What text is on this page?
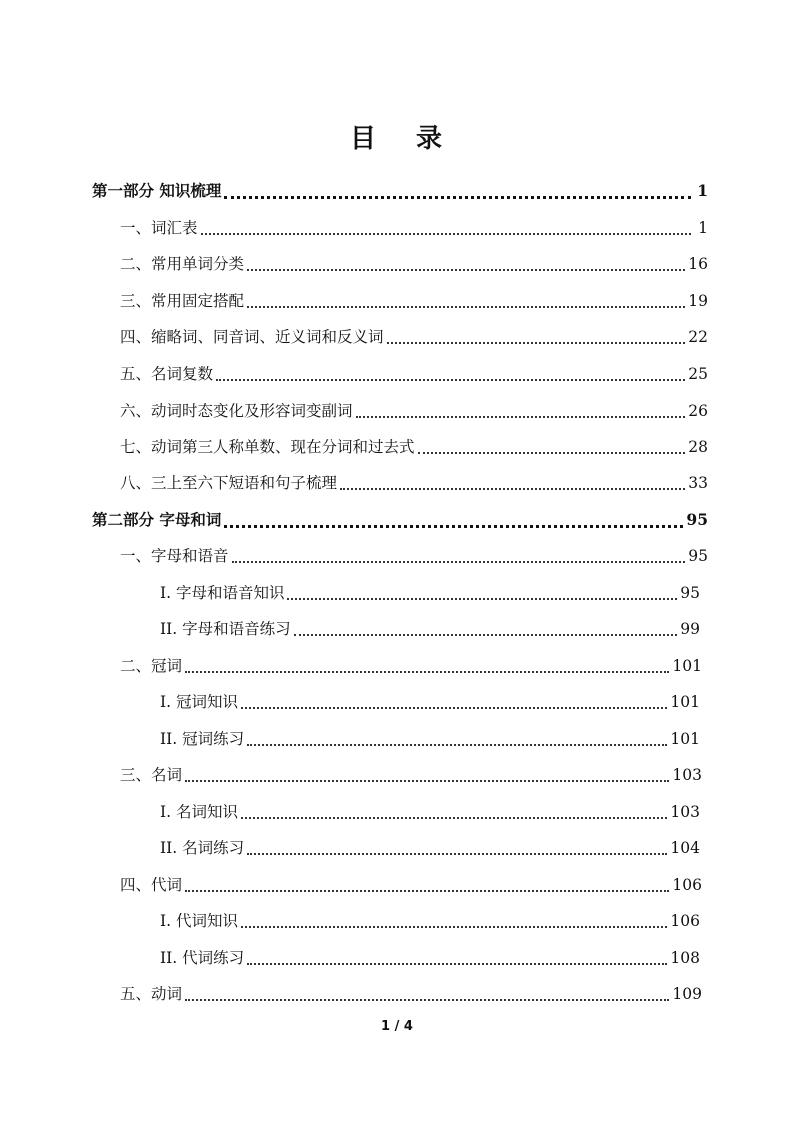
目 录
第一部分 知识梳理	1
一、词汇表	1
二、常用单词分类	16
三、常用固定搭配	19
四、缩略词、同音词、近义词和反义词	22
五、名词复数	25
六、动词时态变化及形容词变副词	26
七、动词第三人称单数、现在分词和过去式	28
八、三上至六下短语和句子梳理	33
第二部分 字母和词	95
一、字母和语音	95
I. 字母和语音知识	95
II. 字母和语音练习	99
二、冠词	101
I. 冠词知识	101
II. 冠词练习	101
三、名词	103
I. 名词知识	103
II. 名词练习	104
四、代词	106
I. 代词知识	106
II. 代词练习	108
五、动词	109
1 / 4
